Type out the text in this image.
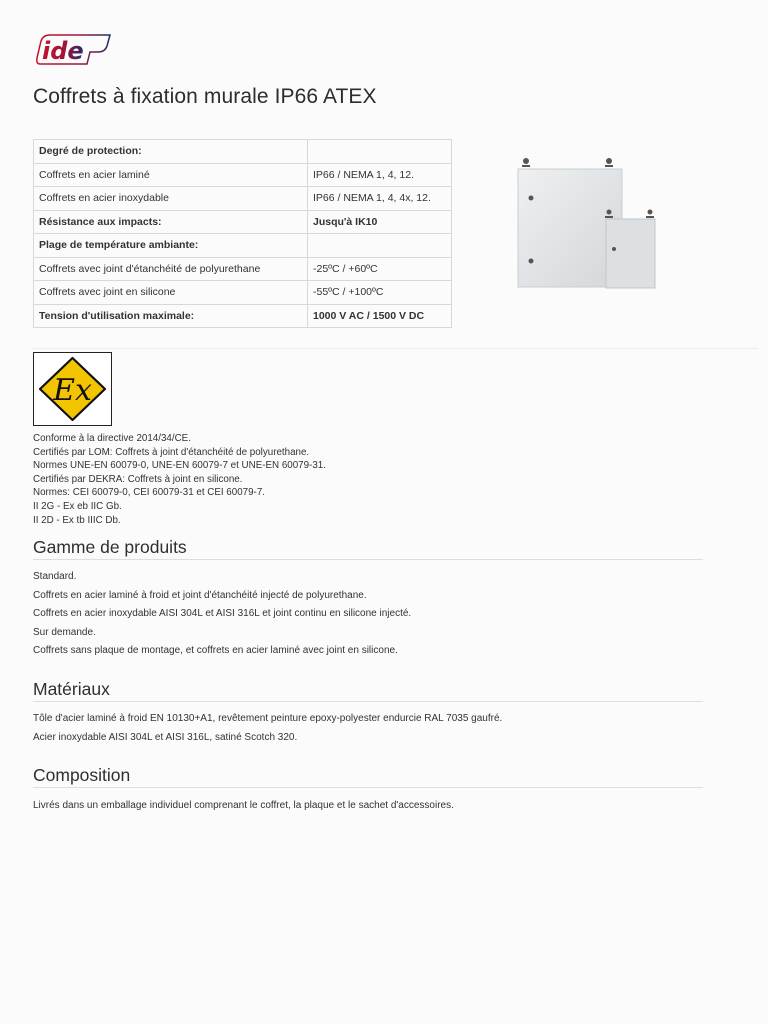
ide
Coffrets à fixation murale IP66 ATEX
Degré de protection:	
Coffrets en acier laminé	IP66 / NEMA 1, 4, 12.
Coffrets en acier inoxydable	IP66 / NEMA 1, 4, 4x, 12.
Résistance aux impacts:	Jusqu'à IK10
Plage de température ambiante:	
Coffrets avec joint d'étanchéité de polyurethane	-25ºC / +60ºC
Coffrets avec joint en silicone	-55ºC / +100ºC
Tension d'utilisation maximale:	1000 V AC / 1500 V DC
Ex
Conforme à la directive 2014/34/CE.
Certifiés par LOM: Coffrets à joint d'étanchéité de polyurethane.
Normes UNE-EN 60079-0, UNE-EN 60079-7 et UNE-EN 60079-31.
Certifiés par DEKRA: Coffrets à joint en silicone.
Normes: CEI 60079-0, CEI 60079-31 et CEI 60079-7.
II 2G - Ex eb IIC Gb.
II 2D - Ex tb IIIC Db.
Gamme de produits
Standard.
Coffrets en acier laminé à froid et joint d'étanchéité injecté de polyurethane.
Coffrets en acier inoxydable AISI 304L et AISI 316L et joint continu en silicone injecté.
Sur demande.
Coffrets sans plaque de montage, et coffrets en acier laminé avec joint en silicone.
Matériaux
Tôle d'acier laminé à froid EN 10130+A1, revêtement peinture epoxy-polyester endurcie RAL 7035 gaufré.
Acier inoxydable AISI 304L et AISI 316L, satiné Scotch 320.
Composition
Livrés dans un emballage individuel comprenant le coffret, la plaque et le sachet d'accessoires.
